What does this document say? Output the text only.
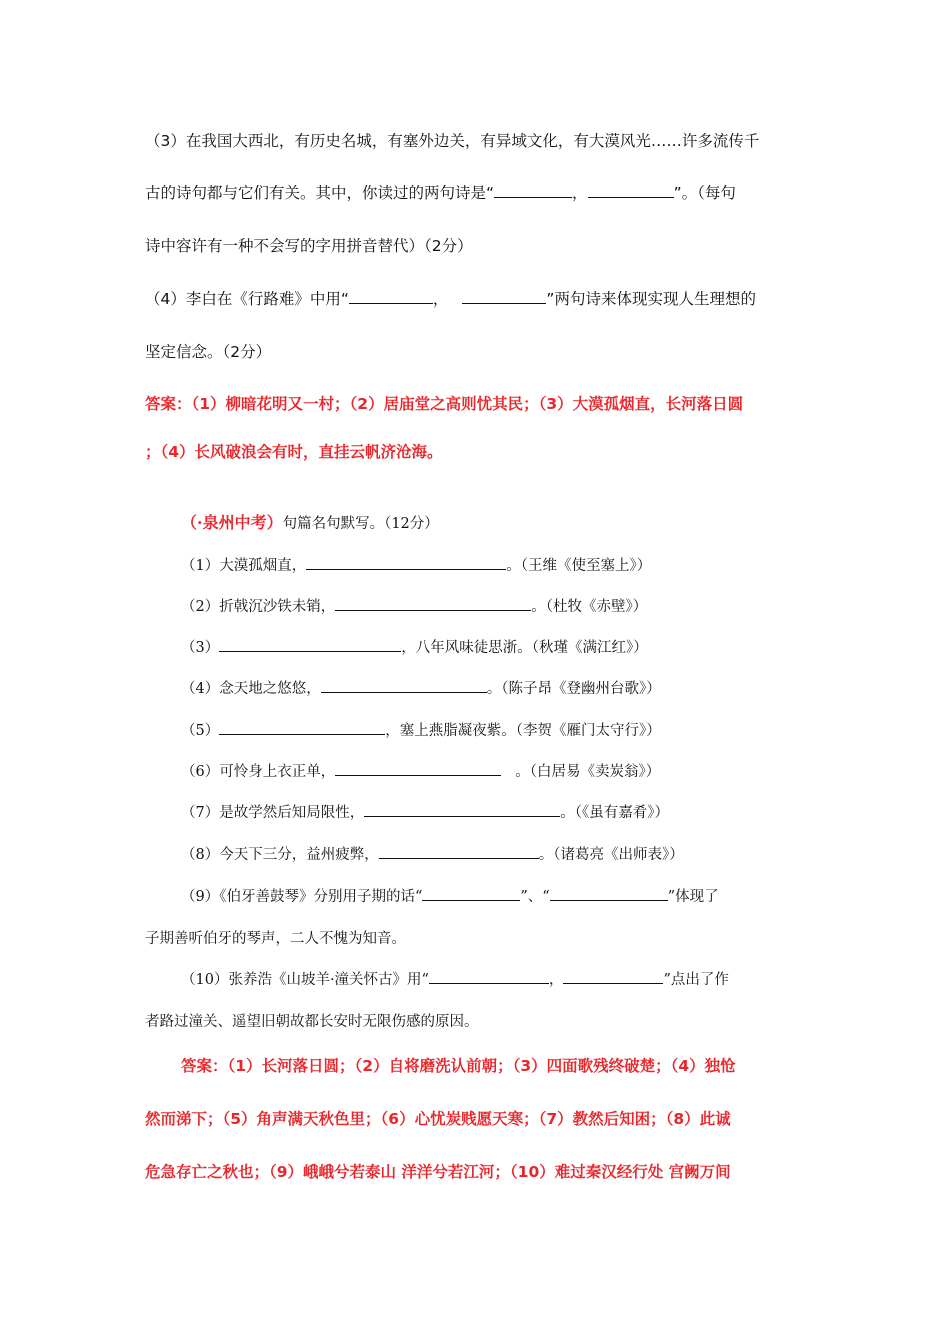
（3）在我国大西北，有历史名城，有塞外边关，有异域文化，有大漠风光……许多流传千
古的诗句都与它们有关。其中，你读过的两句诗是“	，	”。（每句
诗中容许有一种不会写的字用拼音替代）（2分）
（4）李白在《行路难》中用“	，	”两句诗来体现实现人生理想的
坚定信念。（2分）
答案：（1）柳暗花明又一村；（2）居庙堂之高则忧其民；（3）大漠孤烟直，长河落日圆
；（4）长风破浪会有时，直挂云帆济沧海。
（·泉州中考）句篇名句默写。（12分）
（1）大漠孤烟直，	。（王维《使至塞上》）
（2）折戟沉沙铁未销，	。（杜牧《赤壁》）
（3）	，八年风味徒思浙。（秋瑾《满江红》）
（4）念天地之悠悠，	。（陈子昂《登幽州台歌》）
（5）	，塞上燕脂凝夜紫。（李贺《雁门太守行》）
（6）可怜身上衣正单，	。（白居易《卖炭翁》）
（7）是故学然后知局限性，	。（《虽有嘉肴》）
（8）今天下三分，益州疲弊，	。（诸葛亮《出师表》）
（9）《伯牙善鼓琴》分别用子期的话“	”、“	”体现了
子期善听伯牙的琴声，二人不愧为知音。
（10）张养浩《山坡羊·潼关怀古》用“	，	”点出了作
者路过潼关、遥望旧朝故都长安时无限伤感的原因。
答案：（1）长河落日圆；（2）自将磨洗认前朝；（3）四面歌残终破楚；（4）独怆
然而涕下；（5）角声满天秋色里；（6）心忧炭贱愿天寒；（7）教然后知困；（8）此诚
危急存亡之秋也；（9）峨峨兮若泰山 洋洋兮若江河；（10）难过秦汉经行处 宫阙万间
